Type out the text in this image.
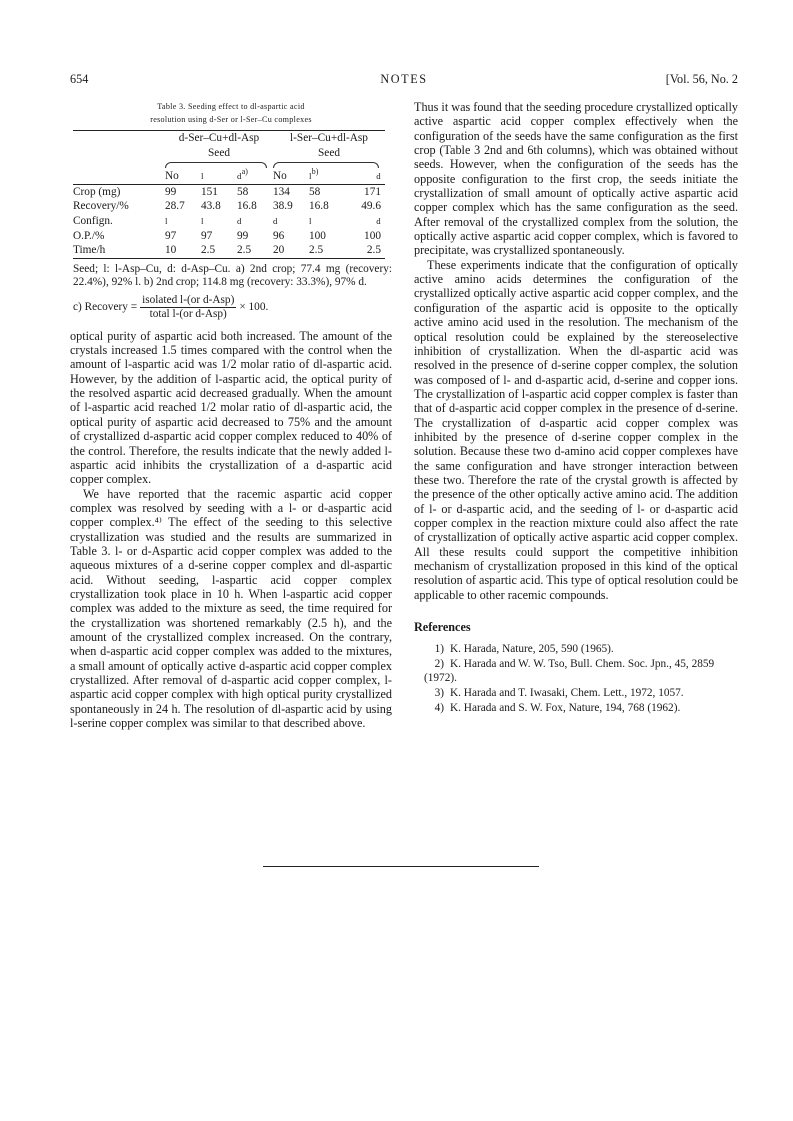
654	NOTES	[Vol. 56, No. 2
Table 3. Seeding effect to dl-aspartic acid
resolution using d-Ser or l-Ser–Cu complexes
	d-Ser–Cu+dl-Asp			l-Ser–Cu+dl-Asp		
	Seed			Seed		

	No	l	$d^{a)}$	No	$l^{b)}$	d
Crop (mg)	99	151	58	134	58	171
Recovery/%	28.7	43.8	16.8	38.9	16.8	49.6
Confign.	l	l	d	d	l	d
O.P./%	97	97	99	96	100	100
Time/h	10	2.5	2.5	20	2.5	2.5
Seed; l: l-Asp–Cu, d: d-Asp–Cu. a) 2nd crop; 77.4 mg (recovery: 22.4%), 92% l. b) 2nd crop; 114.8 mg (recovery: 33.3%), 97% d.
c) Recovery = $\frac{\text{isolated l-(or d-Asp)}}{\text{total l-(or d-Asp)}} \times 100$.

optical purity of aspartic acid both increased. The amount of the crystals increased 1.5 times compared with the control when the amount of l-aspartic acid was 1/2 molar ratio of dl-aspartic acid. However, by the addition of l-aspartic acid, the optical purity of the resolved aspartic acid decreased gradually. When the amount of l-aspartic acid reached 1/2 molar ratio of dl-aspartic acid, the optical purity of aspartic acid decreased to 75% and the amount of crystallized d-aspartic acid copper complex reduced to 40% of the control. Therefore, the results indicate that the newly added l-aspartic acid inhibits the crystallization of a d-aspartic acid copper complex.

We have reported that the racemic aspartic acid copper complex was resolved by seeding with a l- or d-aspartic acid copper complex.⁴⁾ The effect of the seeding to this selective crystallization was studied and the results are summarized in Table 3. l- or d-Aspartic acid copper complex was added to the aqueous mixtures of a d-serine copper complex and dl-aspartic acid. Without seeding, l-aspartic acid copper complex crystallization took place in 10 h. When l-aspartic acid copper complex was added to the mixture as seed, the time required for the crystallization was shortened remarkably (2.5 h), and the amount of the crystallized complex increased. On the contrary, when d-aspartic acid copper complex was added to the mixtures, a small amount of optically active d-aspartic acid copper complex crystallized. After removal of d-aspartic acid copper complex, l-aspartic acid copper complex with high optical purity crystallized spontaneously in 24 h. The resolution of dl-aspartic acid by using l-serine copper complex was similar to that described above.

Thus it was found that the seeding procedure crystallized optically active aspartic acid copper complex effectively when the configuration of the seeds have the same configuration as the first crop (Table 3 2nd and 6th columns), which was obtained without seeds. However, when the configuration of the seeds has the opposite configuration to the first crop, the seeds initiate the crystallization of small amount of optically active aspartic acid copper complex which has the same configuration as the seed. After removal of the crystallized complex from the solution, the optically active aspartic acid copper complex, which is favored to precipitate, was crystallized spontaneously.

These experiments indicate that the configuration of optically active amino acids determines the configuration of the crystallized optically active aspartic acid copper complex, and the configuration of the aspartic acid is opposite to the optically active amino acid used in the resolution. The mechanism of the optical resolution could be explained by the stereoselective inhibition of crystallization. When the dl-aspartic acid was resolved in the presence of d-serine copper complex, the solution was composed of l- and d-aspartic acid, d-serine and copper ions. The crystallization of l-aspartic acid copper complex is faster than that of d-aspartic acid copper complex in the presence of d-serine. The crystallization of d-aspartic acid copper complex was inhibited by the presence of d-serine copper complex in the solution. Because these two d-amino acid copper complexes have the same configuration and have stronger interaction between these two. Therefore the rate of the crystal growth is affected by the presence of the other optically active amino acid. The addition of l- or d-aspartic acid, and the seeding of l- or d-aspartic acid copper complex in the reaction mixture could also affect the rate of crystallization of optically active aspartic acid copper complex. All these results could support the competitive inhibition mechanism of crystallization proposed in this kind of the optical resolution of aspartic acid. This type of optical resolution could be applicable to other racemic compounds.

References
1) K. Harada, Nature, 205, 590 (1965).
2) K. Harada and W. W. Tso, Bull. Chem. Soc. Jpn., 45, 2859 (1972).
3) K. Harada and T. Iwasaki, Chem. Lett., 1972, 1057.
4) K. Harada and S. W. Fox, Nature, 194, 768 (1962).
